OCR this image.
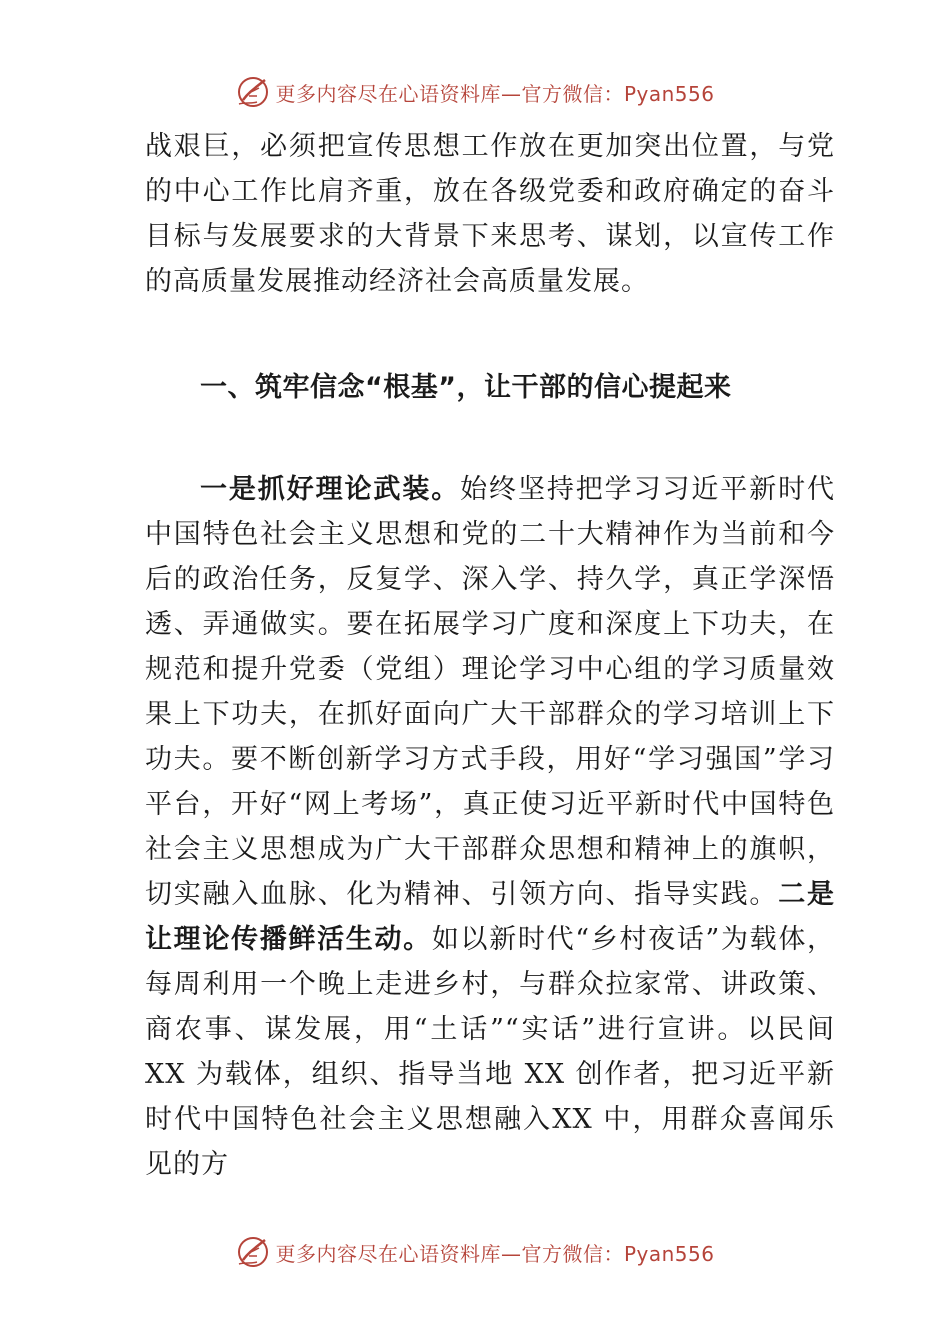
更多内容尽在心语资料库—官方微信：Pyan556

战艰巨，必须把宣传思想工作放在更加突出位置，与党的中心工作比肩齐重，放在各级党委和政府确定的奋斗目标与发展要求的大背景下来思考、谋划，以宣传工作的高质量发展推动经济社会高质量发展。

一、筑牢信念“根基”，让干部的信心提起来

一是抓好理论武装。始终坚持把学习习近平新时代中国特色社会主义思想和党的二十大精神作为当前和今后的政治任务，反复学、深入学、持久学，真正学深悟透、弄通做实。要在拓展学习广度和深度上下功夫，在规范和提升党委（党组）理论学习中心组的学习质量效果上下功夫，在抓好面向广大干部群众的学习培训上下功夫。要不断创新学习方式手段，用好“学习强国”学习平台，开好“网上考场”，真正使习近平新时代中国特色社会主义思想成为广大干部群众思想和精神上的旗帜， 切实融入血脉、化为精神、引领方向、指导实践。二是 让理论传播鲜活生动。如以新时代“乡村夜话”为载体， 每周利用一个晚上走进乡村，与群众拉家常、讲政策、商农事、谋发展，用“土话”“实话”进行宣讲。以民间 XX 为载体，组织、指导当地 XX 创作者，把习近平新时代中国特色社会主义思想融入XX 中，用群众喜闻乐见的方

更多内容尽在心语资料库—官方微信：Pyan556
